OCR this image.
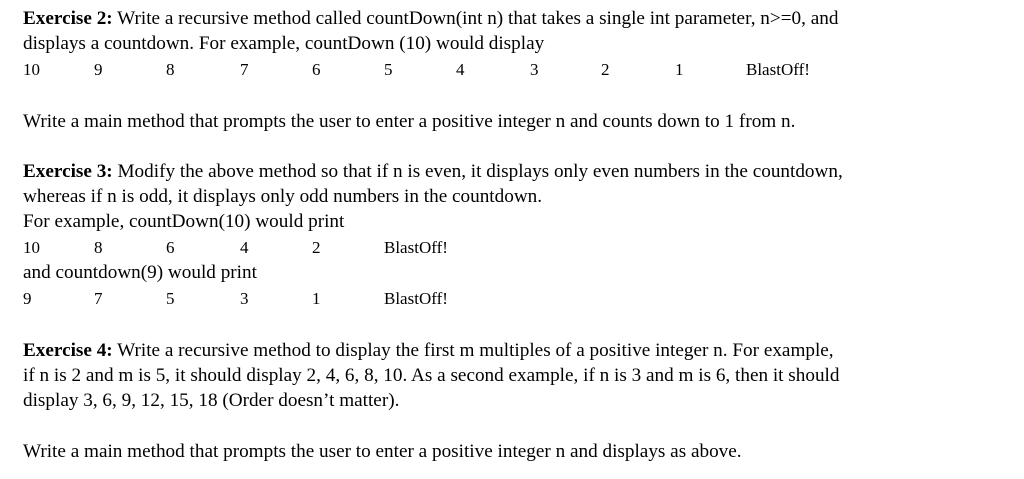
Exercise 2: Write a recursive method called countDown(int n) that takes a single int parameter, n>=0, and
displays a countdown. For example, countDown (10) would display
10	9	8	7	6	5	4	3	2	1	BlastOff!
Write a main method that prompts the user to enter a positive integer n and counts down to 1 from n.
Exercise 3: Modify the above method so that if n is even, it displays only even numbers in the countdown,
whereas if n is odd, it displays only odd numbers in the countdown.
For example, countDown(10) would print
10	8	6	4	2	BlastOff!
and countdown(9) would print
9	7	5	3	1	BlastOff!
Exercise 4: Write a recursive method to display the first m multiples of a positive integer n. For example,
if n is 2 and m is 5, it should display 2, 4, 6, 8, 10. As a second example, if n is 3 and m is 6, then it should
display 3, 6, 9, 12, 15, 18 (Order doesn’t matter).
Write a main method that prompts the user to enter a positive integer n and displays as above.
